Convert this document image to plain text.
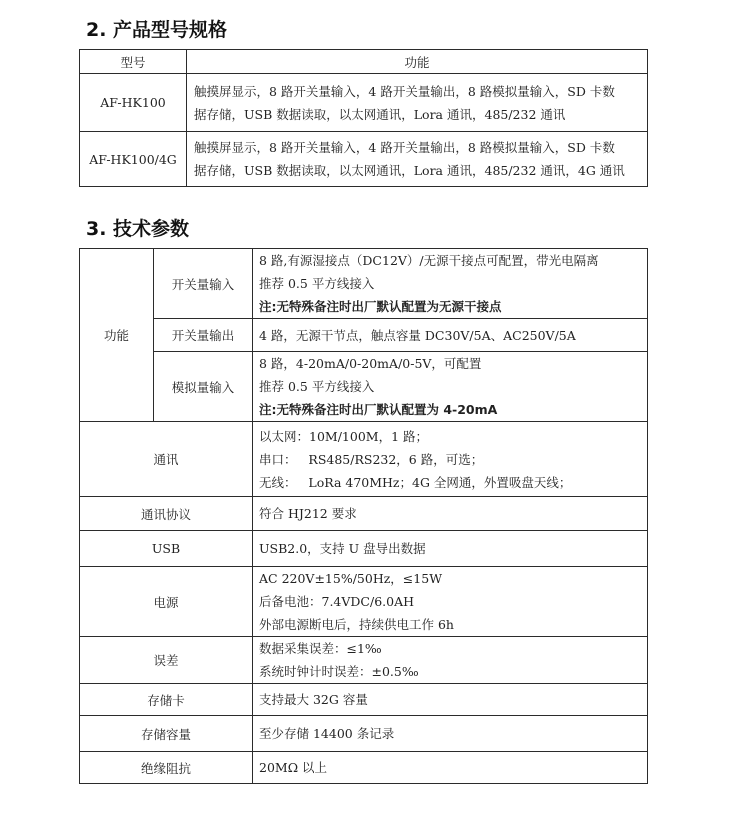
2. 产品型号规格
型号	功能
AF-HK100	触摸屏显示，8 路开关量输入，4 路开关量输出，8 路模拟量输入，SD 卡数
据存储，USB 数据读取，以太网通讯，Lora 通讯，485/232 通讯

AF-HK100/4G	触摸屏显示，8 路开关量输入，4 路开关量输出，8 路模拟量输入，SD 卡数
据存储，USB 数据读取，以太网通讯，Lora 通讯，485/232 通讯，4G 通讯
3. 技术参数
功能	开关量输入	8 路,有源湿接点（DC12V）/无源干接点可配置，带光电隔离
推荐 0.5 平方线接入
注:无特殊备注时出厂默认配置为无源干接点

	开关量输出	4 路，无源干节点，触点容量 DC30V/5A、AC250V/5A

	模拟量输入	8 路，4-20mA/0-20mA/0-5V，可配置
推荐 0.5 平方线接入
注:无特殊备注时出厂默认配置为 4-20mA

通讯		以太网：10M/100M，1 路；
串口：   RS485/RS232，6 路，可选；
无线：   LoRa 470MHz；4G 全网通，外置吸盘天线；

通讯协议		符合 HJ212 要求

USB		USB2.0，支持 U 盘导出数据

电源		AC 220V±15%/50Hz，≤15W
后备电池：7.4VDC/6.0AH
外部电源断电后，持续供电工作 6h

误差		数据采集误差：≤1‰
系统时钟计时误差：±0.5‰

存储卡		支持最大 32G 容量

存储容量		至少存储 14400 条记录

绝缘阻抗		20MΩ 以上
